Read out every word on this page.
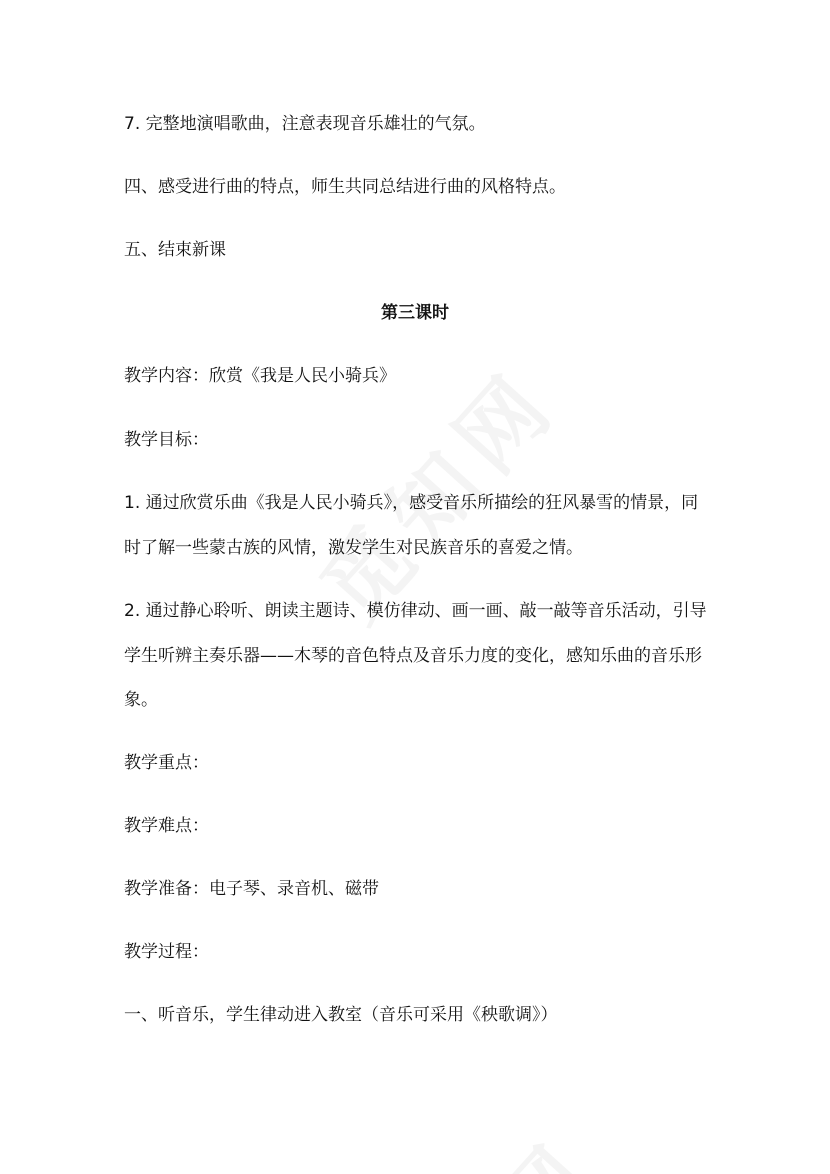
7. 完整地演唱歌曲，注意表现音乐雄壮的气氛。

四、感受进行曲的特点，师生共同总结进行曲的风格特点。

五、结束新课

第三课时

教学内容：欣赏《我是人民小骑兵》

教学目标：

1. 通过欣赏乐曲《我是人民小骑兵》，感受音乐所描绘的狂风暴雪的情景，同

时了解一些蒙古族的风情，激发学生对民族音乐的喜爱之情。

2. 通过静心聆听、朗读主题诗、模仿律动、画一画、敲一敲等音乐活动，引导

学生听辨主奏乐器——木琴的音色特点及音乐力度的变化，感知乐曲的音乐形

象。

教学重点：

教学难点：

教学准备：电子琴、录音机、磁带

教学过程：

一、听音乐，学生律动进入教室（音乐可采用《秧歌调》）
